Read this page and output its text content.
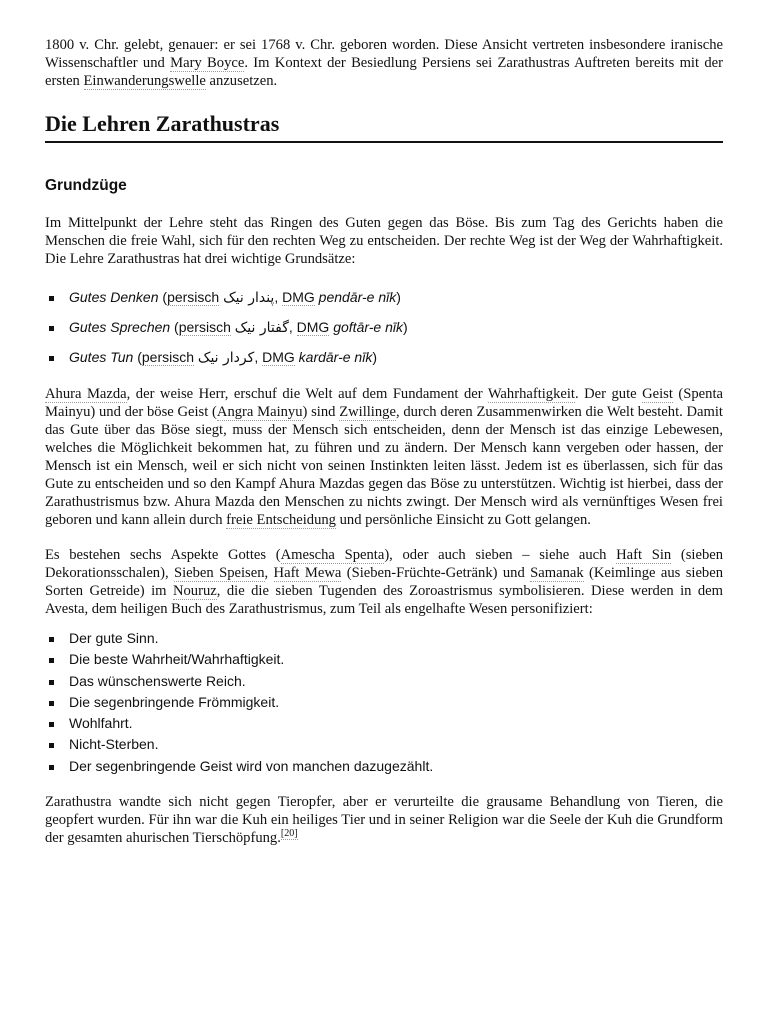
1800 v. Chr. gelebt, genauer: er sei 1768 v. Chr. geboren worden. Diese Ansicht vertreten insbesondere iranische Wissenschaftler und Mary Boyce. Im Kontext der Besiedlung Persiens sei Zarathustras Auftreten bereits mit der ersten Einwanderungswelle anzusetzen.

Die Lehren Zarathustras
Grundzüge

Im Mittelpunkt der Lehre steht das Ringen des Guten gegen das Böse. Bis zum Tag des Gerichts haben die Menschen die freie Wahl, sich für den rechten Weg zu entscheiden. Der rechte Weg ist der Weg der Wahrhaftigkeit. Die Lehre Zarathustras hat drei wichtige Grundsätze:

Gutes Denken (persisch پندار نیک, DMG pendār-e nīk)
Gutes Sprechen (persisch گفتار نیک, DMG goftār-e nīk)
Gutes Tun (persisch کردار نیک, DMG kardār-e nīk)

Ahura Mazda, der weise Herr, erschuf die Welt auf dem Fundament der Wahrhaftigkeit. Der gute Geist (Spenta Mainyu) und der böse Geist (Angra Mainyu) sind Zwillinge, durch deren Zusammenwirken die Welt besteht. Damit das Gute über das Böse siegt, muss der Mensch sich entscheiden, denn der Mensch ist das einzige Lebewesen, welches die Möglichkeit bekommen hat, zu führen und zu ändern. Der Mensch kann vergeben oder hassen, der Mensch ist ein Mensch, weil er sich nicht von seinen Instinkten leiten lässt. Jedem ist es überlassen, sich für das Gute zu entscheiden und so den Kampf Ahura Mazdas gegen das Böse zu unterstützen. Wichtig ist hierbei, dass der Zarathustrismus bzw. Ahura Mazda den Menschen zu nichts zwingt. Der Mensch wird als vernünftiges Wesen frei geboren und kann allein durch freie Entscheidung und persönliche Einsicht zu Gott gelangen.

Es bestehen sechs Aspekte Gottes (Amescha Spenta), oder auch sieben – siehe auch Haft Sin (sieben Dekorationsschalen), Sieben Speisen, Haft Mewa (Sieben-Früchte-Getränk) und Samanak (Keimlinge aus sieben Sorten Getreide) im Nouruz, die die sieben Tugenden des Zoroastrismus symbolisieren. Diese werden in dem Avesta, dem heiligen Buch des Zarathustrismus, zum Teil als engelhafte Wesen personifiziert:

Der gute Sinn.
Die beste Wahrheit/Wahrhaftigkeit.
Das wünschenswerte Reich.
Die segenbringende Frömmigkeit.
Wohlfahrt.
Nicht-Sterben.
Der segenbringende Geist wird von manchen dazugezählt.

Zarathustra wandte sich nicht gegen Tieropfer, aber er verurteilte die grausame Behandlung von Tieren, die geopfert wurden. Für ihn war die Kuh ein heiliges Tier und in seiner Religion war die Seele der Kuh die Grundform der gesamten ahurischen Tierschöpfung.[20]
